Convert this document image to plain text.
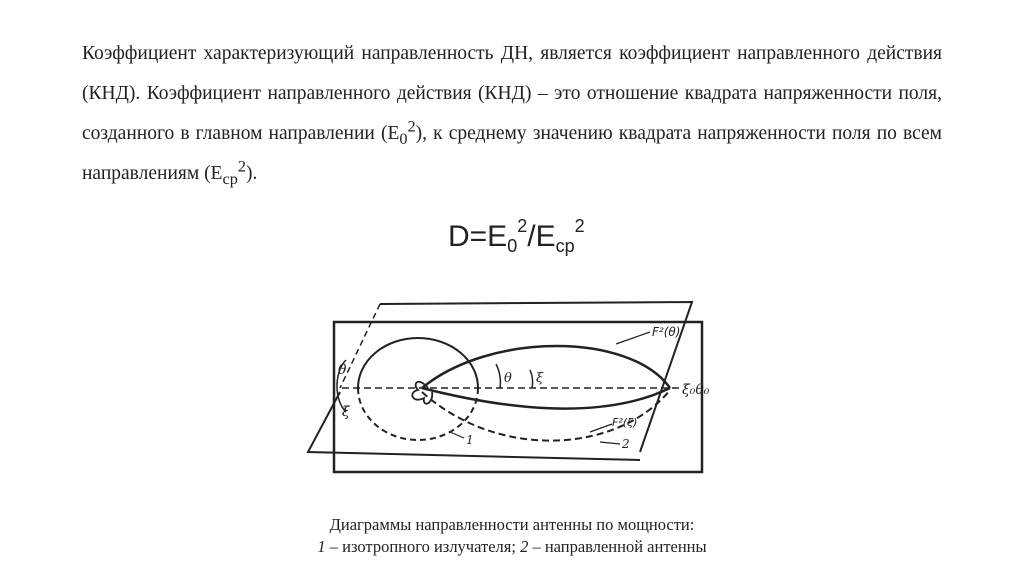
Коэффициент характеризующий направленность ДН, является коэффициент направленного действия (КНД). Коэффициент направленного действия (КНД) – это отношение квадрата напряженности поля, созданного в главном направлении $(E_0^2)$, к среднему значению квадрата напряженности поля по всем направлениям $(E_{ср}^2)$.

$D=E_0^2/E_{ср}^2$
F²(θ)
F²(ξ)
θ
ξ
θ ξ
ξ₀θ₀
1	2
Диаграммы направленности антенны по мощности:
1 – изотропного излучателя; 2 – направленной антенны
